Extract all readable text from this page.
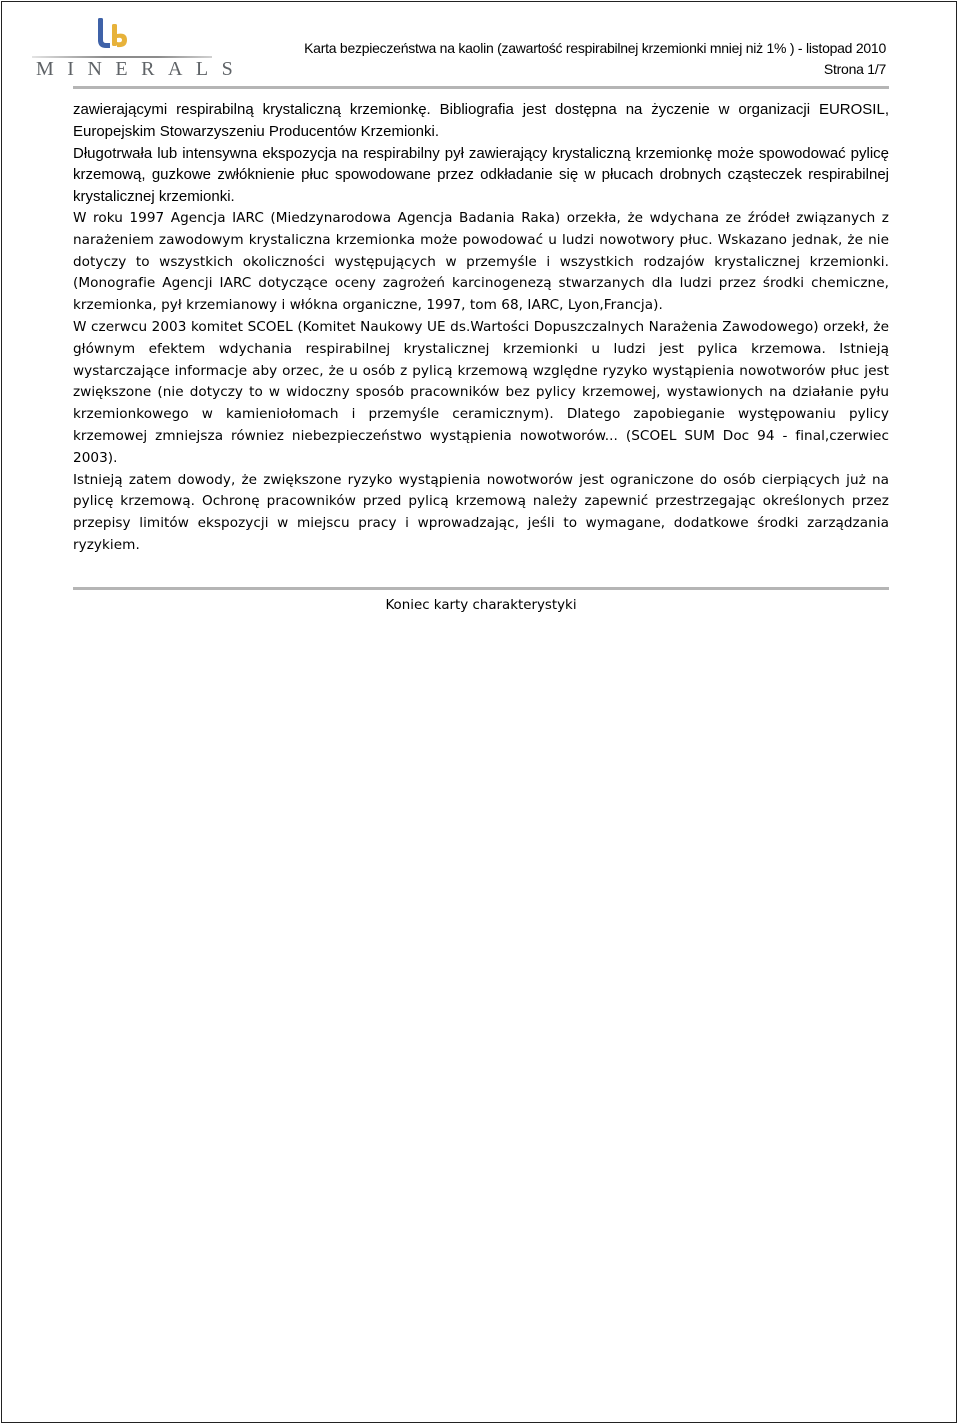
MINERALS
Karta bezpieczeństwa na kaolin (zawartość respirabilnej krzemionki mniej niż 1% ) - listopad 2010
Strona 1/7

zawierającymi respirabilną krystaliczną krzemionkę. Bibliografia jest dostępna na życzenie w organizacji EUROSIL, Europejskim Stowarzyszeniu Producentów Krzemionki.

Długotrwała lub intensywna ekspozycja na respirabilny pył zawierający krystaliczną krzemionkę może spowodować pylicę krzemową, guzkowe zwłóknienie płuc spowodowane przez odkładanie się w płucach drobnych cząsteczek respirabilnej krystalicznej krzemionki.

W roku 1997 Agencja IARC (Miedzynarodowa Agencja Badania Raka) orzekła, że wdychana ze źródeł związanych z narażeniem zawodowym krystaliczna krzemionka może powodować u ludzi nowotwory płuc. Wskazano jednak, że nie dotyczy to wszystkich okoliczności występujących w przemyśle i wszystkich rodzajów krystalicznej krzemionki. (Monografie Agencji IARC dotyczące oceny zagrożeń karcinogenezą stwarzanych dla ludzi przez środki chemiczne, krzemionka, pył krzemianowy i włókna organiczne, 1997, tom 68, IARC, Lyon,Francja).

W czerwcu 2003 komitet SCOEL (Komitet Naukowy UE ds.Wartości Dopuszczalnych Narażenia Zawodowego) orzekł, że głównym efektem wdychania respirabilnej krystalicznej krzemionki u ludzi jest pylica krzemowa. Istnieją wystarczające informacje aby orzec, że u osób z pylicą krzemową względne ryzyko wystąpienia nowotworów płuc jest zwiększone (nie dotyczy to w widoczny sposób pracowników bez pylicy krzemowej, wystawionych na działanie pyłu krzemionkowego w kamieniołomach i przemyśle ceramicznym). Dlatego zapobieganie występowaniu pylicy krzemowej zmniejsza równiez niebezpieczeństwo wystąpienia nowotworów... (SCOEL SUM Doc 94 - final,czerwiec 2003).

Istnieją zatem dowody, że zwiększone ryzyko wystąpienia nowotworów jest ograniczone do osób cierpiących już na pylicę krzemową. Ochronę pracowników przed pylicą krzemową należy zapewnić przestrzegając określonych przez przepisy limitów ekspozycji w miejscu pracy i wprowadzając, jeśli to wymagane, dodatkowe środki zarządzania ryzykiem.

Koniec karty charakterystyki
